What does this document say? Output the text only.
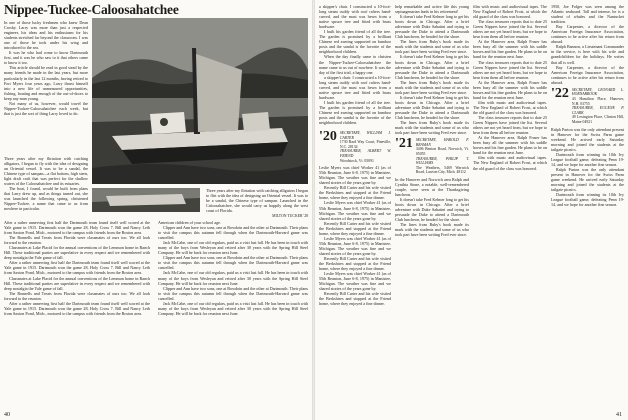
Nippee-Tuckee-Caloosahatchee

In one of those lucky freshmen who knew Dean Crosby. Larry was more than just a respected engineer, his ideas and his enthusiasm for his students stretched far beyond the classroom. I was one of those he took under his wing and introduced to the sea.

It was he who had come to know Dartmouth first, and it was he who saw to it that others came to know it too.

This article should be read in good stead by the many friends he made in the last years, but more particularly in the last 12 months, having retired to Fort Myers four years ago, Larry thrust himself into a new life of unmeasured opportunities, fishing, boating and enough of the out-of-doors to keep any man young.

Not many of us, however, would travel the Nippee-Tuckee-Caloosahatchee each week, but that is just the sort of thing Larry loved to do.

Three years after my flirtation with catching alligators, I began to fly with the idea of designing an Oriental vessel. It was to be a sandal, the Chinese type of sampan—a flat bottom, high stern, light draft craft that was perfect for the shallow waters of the Caloosahatchee and its estuaries.

The boat, I found, would be built from plans that Larry drew up, and as things turned out, she was launched the following spring, christened Nippee-Tuckee, a name that came to us from nowhere in particular.

Three years after my flirtation with catching alligators I began to flirt with the idea of designing an Oriental vessel. It was to be a sandal, the Chinese type of sampan. Launched in the Caloosahatchee, she would carry us happily along the west coast of Florida.
MILTON TUCKER '28

After a rather unnerving first half the Dartmouth team found itself well scored at the Yale game in 1915. Dartmouth won the game 28, Holy Cross 7. Bill and Nancy Leib from Saxton Pond, Mich., motored to the campus with friends from the Boston area.

The Bonnells and Treats from Florida were classmates of ours too. We all look forward to the reunion.

Classmates at Lake Placid for the annual conventions of the Lemmon home in Ranch Hill. These traditional parties are superlative in every respect and we remembered with deep nostalgia the Yale game of fall.

After a rather unnerving first half the Dartmouth team found itself well scored at the Yale game in 1915. Dartmouth won the game 28, Holy Cross 7. Bill and Nancy Leib from Saxton Pond, Mich., motored to the campus with friends from the Boston area.

Classmates at Lake Placid for the annual conventions of the Lemmon home in Ranch Hill. These traditional parties are superlative in every respect and we remembered with deep nostalgia the Yale game of fall.

The Bonnells and Treats from Florida were classmates of ours too. We all look forward to the reunion.

After a rather unnerving first half the Dartmouth team found itself well scored at the Yale game in 1915. Dartmouth won the game 28, Holy Cross 7. Bill and Nancy Leib from Saxton Pond, Mich., motored to the campus with friends from the Boston area.

American children of your school age.

Clipper and Ann have two sons, one at Bowdoin and the other at Dartmouth. Their plans to visit the campus this autumn fell through when the Dartmouth-Harvard game was cancelled.

Jack McCabe, one of our old regulars, paid us a visit last fall. He has been in touch with many of the boys from Wesleyan and retired after 30 years with the Spring Hill Steel Company. He will be back for reunion next June.

Clipper and Ann have two sons, one at Bowdoin and the other at Dartmouth. Their plans to visit the campus this autumn fell through when the Dartmouth-Harvard game was cancelled.

Jack McCabe, one of our old regulars, paid us a visit last fall. He has been in touch with many of the boys from Wesleyan and retired after 30 years with the Spring Hill Steel Company. He will be back for reunion next June.

Clipper and Ann have two sons, one at Bowdoin and the other at Dartmouth. Their plans to visit the campus this autumn fell through when the Dartmouth-Harvard game was cancelled.

Jack McCabe, one of our old regulars, paid us a visit last fall. He has been in touch with many of the boys from Wesleyan and retired after 30 years with the Spring Hill Steel Company. He will be back for reunion next June.

40

a skipper's chair. I constructed a 10-foot-long steam cuddy with roof rafters hand-carved, and the mast was hewn from a native spruce tree and fitted with brass hardware.

I built his garden friend of all the tree. The garden is promised by a brilliant Chinese red awning supported on bamboo posts and the sandal is the favorite of the neighborhood children.

When the day finally came to christen the Nippee-Tuckee-Caloosahatchee the name came to us out of nowhere. It was the day of the first trial, a happy one.

a skipper's chair. I constructed a 10-foot-long steam cuddy with roof rafters hand-carved, and the mast was hewn from a native spruce tree and fitted with brass hardware.

I built his garden friend of all the tree. The garden is promised by a brilliant Chinese red awning supported on bamboo posts and the sandal is the favorite of the neighborhood children.

'20 SECRETARY, WILLIAM J. CARTER
1730 Bard Way Court, Pineville, N.C. 28134
TREASURER, ALBERT W. FRIEND
Woodstock, Vt. 05091

Leslie Myers was chief Worker 41 (as of 55th Reunion, June 6-8, 1975) in Manistee, Michigan. The weather was fine and we shared stories of the years gone by.

Recently Bill Carter and his wife visited the Berkshires and stopped at the Friend home, where they enjoyed a fine dinner.

Leslie Myers was chief Worker 41 (as of 55th Reunion, June 6-8, 1975) in Manistee, Michigan. The weather was fine and we shared stories of the years gone by.

Recently Bill Carter and his wife visited the Berkshires and stopped at the Friend home, where they enjoyed a fine dinner.

Leslie Myers was chief Worker 41 (as of 55th Reunion, June 6-8, 1975) in Manistee, Michigan. The weather was fine and we shared stories of the years gone by.

Recently Bill Carter and his wife visited the Berkshires and stopped at the Friend home, where they enjoyed a fine dinner.

Leslie Myers was chief Worker 41 (as of 55th Reunion, June 6-8, 1975) in Manistee, Michigan. The weather was fine and we shared stories of the years gone by.

Recently Bill Carter and his wife visited the Berkshires and stopped at the Friend home, where they enjoyed a fine dinner.

help remarkable and active life this young septuagenarian leads in his retirement!

It doesn't take Fred Kelmer long to get his boots down in Chicago. After a brief adventure with Duke Sabatini and trying to persuade the Duke to attend a Dartmouth Club luncheon, he headed for the shore.

The lines from Ruby's book made its mark with the students and some of us who took part have been writing Fred ever since.

It doesn't take Fred Kelmer long to get his boots down in Chicago. After a brief adventure with Duke Sabatini and trying to persuade the Duke to attend a Dartmouth Club luncheon, he headed for the shore.

The lines from Ruby's book made its mark with the students and some of us who took part have been writing Fred ever since.

It doesn't take Fred Kelmer long to get his boots down in Chicago. After a brief adventure with Duke Sabatini and trying to persuade the Duke to attend a Dartmouth Club luncheon, he headed for the shore.

The lines from Ruby's book made its mark with the students and some of us who took part have been writing Fred ever since.

'21 SECRETARY, HAROLD F. BRAMAN
3406 Benton Road, Norwich, Vt. 05055
TREASURER, PHILIP T. WILLIAMS
The Weathers, 5469 Warwick Road, Lawton City, Mich. 48112

In the Hanover and Norwich area Ralph and Cynthia Stone, a notable, well-remembered couple, were seen at the Thanksgiving luncheon.

It doesn't take Fred Kelmer long to get his boots down in Chicago. After a brief adventure with Duke Sabatini and trying to persuade the Duke to attend a Dartmouth Club luncheon, he headed for the shore.

The lines from Ruby's book made its mark with the students and some of us who took part have been writing Fred ever since.

film with music and audiovisual tapes. The New England of Robert Frost, at which the old guard of the class was honored.

The class treasurer reports that to date 25 Green Nippers have joined the list. Several others are not yet heard from, but we hope to hear from them all before reunion.

At the Hanover area, Ralph Fraser has been busy all the summer with his saddle horses and his fine garden. He plans to be on hand for the reunion next June.

The class treasurer reports that to date 25 Green Nippers have joined the list. Several others are not yet heard from, but we hope to hear from them all before reunion.

At the Hanover area, Ralph Fraser has been busy all the summer with his saddle horses and his fine garden. He plans to be on hand for the reunion next June.

film with music and audiovisual tapes. The New England of Robert Frost, at which the old guard of the class was honored.

The class treasurer reports that to date 25 Green Nippers have joined the list. Several others are not yet heard from, but we hope to hear from them all before reunion.

At the Hanover area, Ralph Fraser has been busy all the summer with his saddle horses and his fine garden. He plans to be on hand for the reunion next June.

film with music and audiovisual tapes. The New England of Robert Frost, at which the old guard of the class was honored.

1950, Joe Folger was seen among the Atlantic seaboard. Tall and intense, he is a student of whales and the Nantucket tradition.

Bay Carpenter, a director of the American Foreign Insurance Association, continues to be active after his return from abroad.

Ralph Bannon, a Lieutenant Commander in the service, is here with his wife and grandchildren for the holidays. He writes that all is well.

Bay Carpenter, a director of the American Foreign Insurance Association, continues to be active after his return from abroad.

'22 SECRETARY, LEONARD L. HORNABROOK
43 Hamilton Place, Hanover, N.H. 03755
TREASURER, EUGENE P. CLARK
49 Lexington Place, Clinton Hill, Maine 04921

Ralph Parton was the only attendant present in Hanover for the Swiss Parm game weekend. He arrived early Saturday morning and joined the students at the tailgate picnics.

Dartmouth from winning its 10th Ivy League football game, defeating Penn 19-14, and we hope for another fine season.

Ralph Parton was the only attendant present in Hanover for the Swiss Parm game weekend. He arrived early Saturday morning and joined the students at the tailgate picnics.

Dartmouth from winning its 10th Ivy League football game, defeating Penn 19-14, and we hope for another fine season.

41
